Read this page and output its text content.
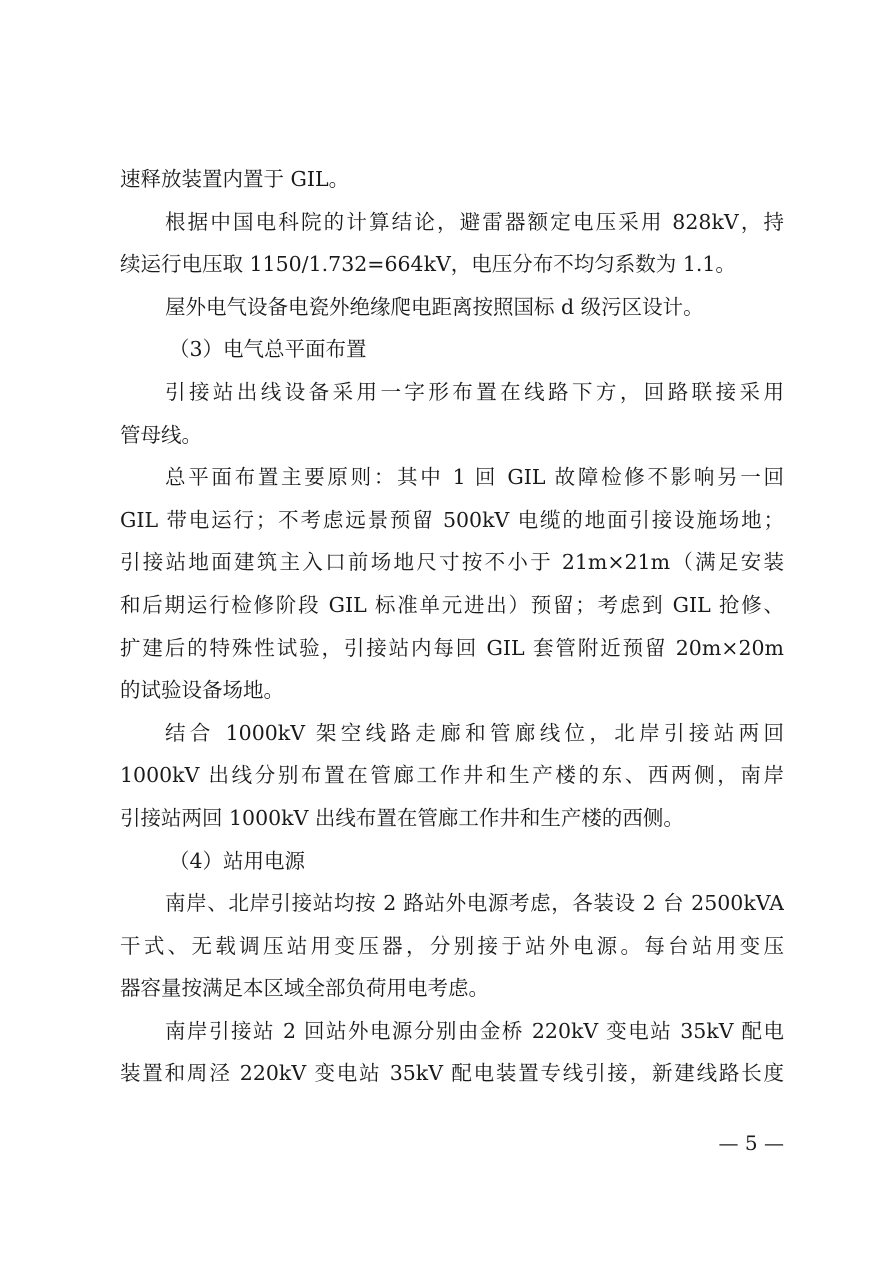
速释放装置内置于 GIL。
根据中国电科院的计算结论，避雷器额定电压采用 828kV，持
续运行电压取 1150/1.732=664kV，电压分布不均匀系数为 1.1。
屋外电气设备电瓷外绝缘爬电距离按照国标 d 级污区设计。
（3）电气总平面布置
引接站出线设备采用一字形布置在线路下方，回路联接采用
管母线。
总平面布置主要原则：其中 1 回 GIL 故障检修不影响另一回
GIL 带电运行；不考虑远景预留 500kV 电缆的地面引接设施场地；
引接站地面建筑主入口前场地尺寸按不小于 21m×21m（满足安装
和后期运行检修阶段 GIL 标准单元进出）预留；考虑到 GIL 抢修、
扩建后的特殊性试验，引接站内每回 GIL 套管附近预留 20m×20m
的试验设备场地。
结合 1000kV 架空线路走廊和管廊线位，北岸引接站两回
1000kV 出线分别布置在管廊工作井和生产楼的东、西两侧，南岸
引接站两回 1000kV 出线布置在管廊工作井和生产楼的西侧。
（4）站用电源
南岸、北岸引接站均按 2 路站外电源考虑，各装设 2 台 2500kVA
干式、无载调压站用变压器，分别接于站外电源。每台站用变压
器容量按满足本区域全部负荷用电考虑。
南岸引接站 2 回站外电源分别由金桥 220kV 变电站 35kV 配电
装置和周泾 220kV 变电站 35kV 配电装置专线引接，新建线路长度
— 5 —
